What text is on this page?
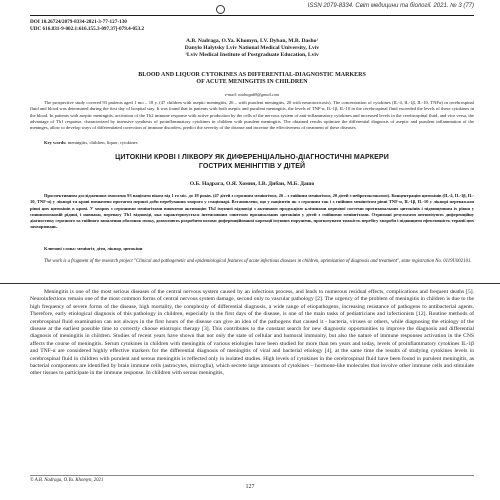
ISSN 2079-8334. Світ медицини та біології. 2021. № 3 (77)
DOI 10.26724/2079-8334-2021-3-77-127-130
UDC 616.831-9-002.1:616.155.3-097.37]-079.4-053.2
A.B. Nadraga, O.Ya. Khomyn, I.V. Dyban, M.B. Dasho¹
Danylo Halytsky Lviv National Medical University, Lviv
¹Lviv Medical Institute of Postgraduate Education, Lviv
BLOOD AND LIQUOR CYTOKINES AS DIFFERENTIAL-DIAGNOSTIC MARKERS
OF ACUTE MENINGITIS IN CHILDREN
e-mail: nadraga69@gmail.com
The prospective study covered 93 patients aged 1 mo – 18 y. (47 children with aseptic meningitis, 26 – with purulent meningitis, 20 with neurotoxicosis). The concentration of cytokines (IL-4, IL-1β, IL-10, TNFα) in cerebrospinal fluid and blood was determined during the first day of hospital stay. It was found that in patients with both aseptic and purulent meningitis, the levels of TNF-α, IL-1β, IL-10 in the cerebrospinal fluid exceeded the levels of these cytokines in the blood. In patients with aseptic meningitis, activation of the Th2 immune response with active production by the cells of the nervous system of anti-inflammatory cytokines and increased levels in the cerebrospinal fluid, and vice versa, the advantage of Th1 response, characterized by intensive synthesis of proinflammatory cytokines in children with purulent meningitis. The obtained results optimize the differential diagnosis of aseptic and purulent inflammation of the meninges, allow to develop ways of differentiated correction of immune disorders, predict the severity of the disease and increase the effectiveness of treatment of these diseases.
Key words: meningitis, children, liquor, cytokines
ЦИТОКІНИ КРОВІ І ЛІКВОРУ ЯК ДИФЕРЕНЦІАЛЬНО-ДІАГНОСТИЧНІ МАРКЕРИ
ГОСТРИХ МЕНІНГІТІВ У ДІТЕЙ
О.Б. Надрага, О.Я. Хомин, І.В. Дибан, М.Б. Дашо
Проспективним дослідженням охоплено 93 пацієнти віком від 1 го міс. до 18 років. (47 дітей з серозним менінгітом, 26 – з гнійним менінгітом, 20 дітей з нейротоксикозом). Концентрацію цитокінів (IL-4, IL-1β, IL-10, TNF-α) у лікворі та крові визначено протягом першої доби перебування хворого у стаціонарі. Встановлено, що у пацієнтів як з серозним так і з гнійним менінгітом рівні TNF-α, IL-1β, IL-10 у лікворі переважали рівні цих цитокінів в крові. У хворих з серозними менінгітами виявлено активацію Th2 імунної відповіді з активною продукцією клітинами нервової системи протизапальних цитокінів і підвищенням їх рівня у спинномозковій рідині, і навпаки, перевагу Th1 відповіді, яка характеризується інтенсивним синтезом прозапальних цитокінів у дітей з гнійними менінгітами. Отримані результати оптимізують диференційну діагностику серозного та гнійного запалення оболонок мозку, дозволяють розробити шляхи диференційованої корекції імунних порушень, прогнозувати тяжкість перебігу хвороби і підвищити ефективність терапії цих захворювань.
Ключові слова: менінгіт, діти, ліквор, цитокіни
The work is a fragment of the research project "Clinical and pathogenetic and epidemiological features of acute infectious diseases in children, optimization of diagnosis and treatment", state registration No. 0119U002101.
Meningitis is one of the most serious diseases of the central nervous system caused by an infectious process, and leads to numerous residual effects, complications and frequent deaths [5]. Neuroinfections remain one of the most common forms of central nervous system damage, second only to vascular pathology [2]. The urgency of the problem of meningitis in children is due to the high frequency of severe forms of the disease, high mortality, the complexity of differential diagnosis, a wide range of etiopathogens, increasing resistance of pathogens to antibacterial agents. Therefore, early etiological diagnosis of this pathology in children, especially in the first days of the disease, is one of the main tasks of pediatricians and infectionists [12]. Routine methods of cerebrospinal fluid examination can not always in the first hours of the disease can give an idea of the pathogens that caused it - bacteria, viruses or others, while diagnosing the etiology of the disease at the earliest possible time to correctly choose etiotropic therapy [3]. This contributes to the constant search for new diagnostic opportunities to improve the diagnosis and differential diagnosis of meningitis in children. Studies of recent years have shown that not only the state of cellular and humoral immunity, but also the nature of immune responses activation in the CNS affects the course of meningitis. Serum cytokines in children with meningitis of various etiologies have been studied for more than ten years and today, levels of proinflammatory cytokines IL-1β and TNF-α are considered highly effective markers for the differential diagnosis of meningitis of viral and bacterial etiology [4], at the same time the results of studying cytokines levels in cerebrospinal fluid in children with purulent and serous meningitis is reflected only in isolated studies. High levels of cytokines in the cerebrospinal fluid have been found in purulent meningitis, as bacterial components are identified by brain immune cells (astrocytes, microglia), which secrete large amounts of cytokines – hormone-like molecules that involve other immune cells and stimulate other tissues to participate in the immune response. In children with serous meningitis,
© A.B. Nadraga, O.Ya. Khomyn, 2021
127
